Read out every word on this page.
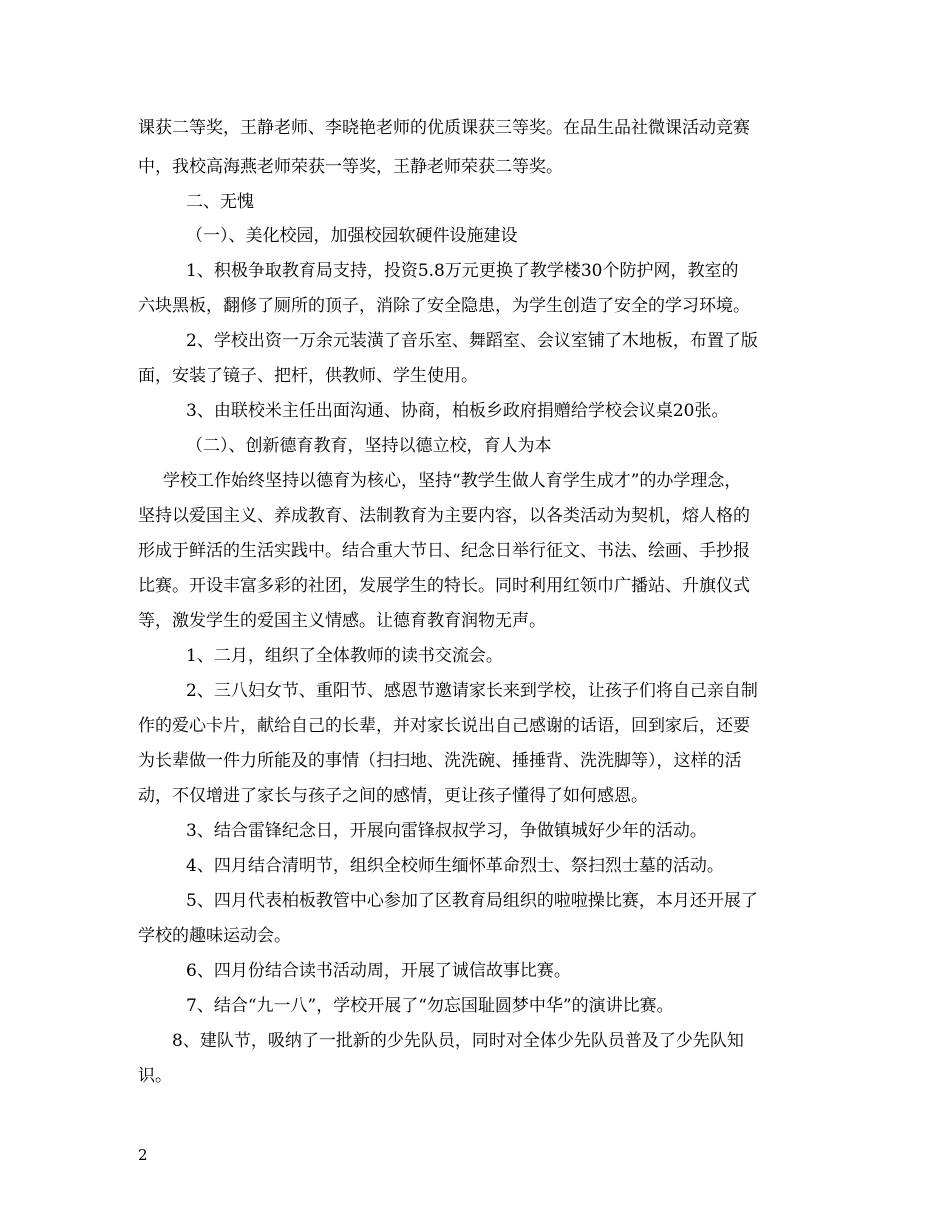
课获二等奖，王静老师、李晓艳老师的优质课获三等奖。在品生品社微课活动竞赛
中，我校高海燕老师荣获一等奖，王静老师荣获二等奖。
二、无愧
（一）、美化校园，加强校园软硬件设施建设
1、积极争取教育局支持，投资5.8万元更换了教学楼30个防护网，教室的
六块黑板，翻修了厕所的顶子，消除了安全隐患，为学生创造了安全的学习环境。
2、学校出资一万余元装潢了音乐室、舞蹈室、会议室铺了木地板，布置了版
面，安装了镜子、把杆，供教师、学生使用。
3、由联校米主任出面沟通、协商，柏板乡政府捐赠给学校会议桌20张。
（二）、创新德育教育，坚持以德立校，育人为本
学校工作始终坚持以德育为核心，坚持“教学生做人育学生成才”的办学理念，
坚持以爱国主义、养成教育、法制教育为主要内容，以各类活动为契机，熔人格的
形成于鲜活的生活实践中。结合重大节日、纪念日举行征文、书法、绘画、手抄报
比赛。开设丰富多彩的社团，发展学生的特长。同时利用红领巾广播站、升旗仪式
等，激发学生的爱国主义情感。让德育教育润物无声。
1、二月，组织了全体教师的读书交流会。
2、三八妇女节、重阳节、感恩节邀请家长来到学校，让孩子们将自己亲自制
作的爱心卡片，献给自己的长辈，并对家长说出自己感谢的话语，回到家后，还要
为长辈做一件力所能及的事情（扫扫地、洗洗碗、捶捶背、洗洗脚等），这样的活
动，不仅增进了家长与孩子之间的感情，更让孩子懂得了如何感恩。
3、结合雷锋纪念日，开展向雷锋叔叔学习，争做镇城好少年的活动。
4、四月结合清明节，组织全校师生缅怀革命烈士、祭扫烈士墓的活动。
5、四月代表柏板教管中心参加了区教育局组织的啦啦操比赛，本月还开展了
学校的趣味运动会。
6、四月份结合读书活动周，开展了诚信故事比赛。
7、结合“九一八”，学校开展了“勿忘国耻圆梦中华”的演讲比赛。
8、建队节，吸纳了一批新的少先队员，同时对全体少先队员普及了少先队知
识。
2
